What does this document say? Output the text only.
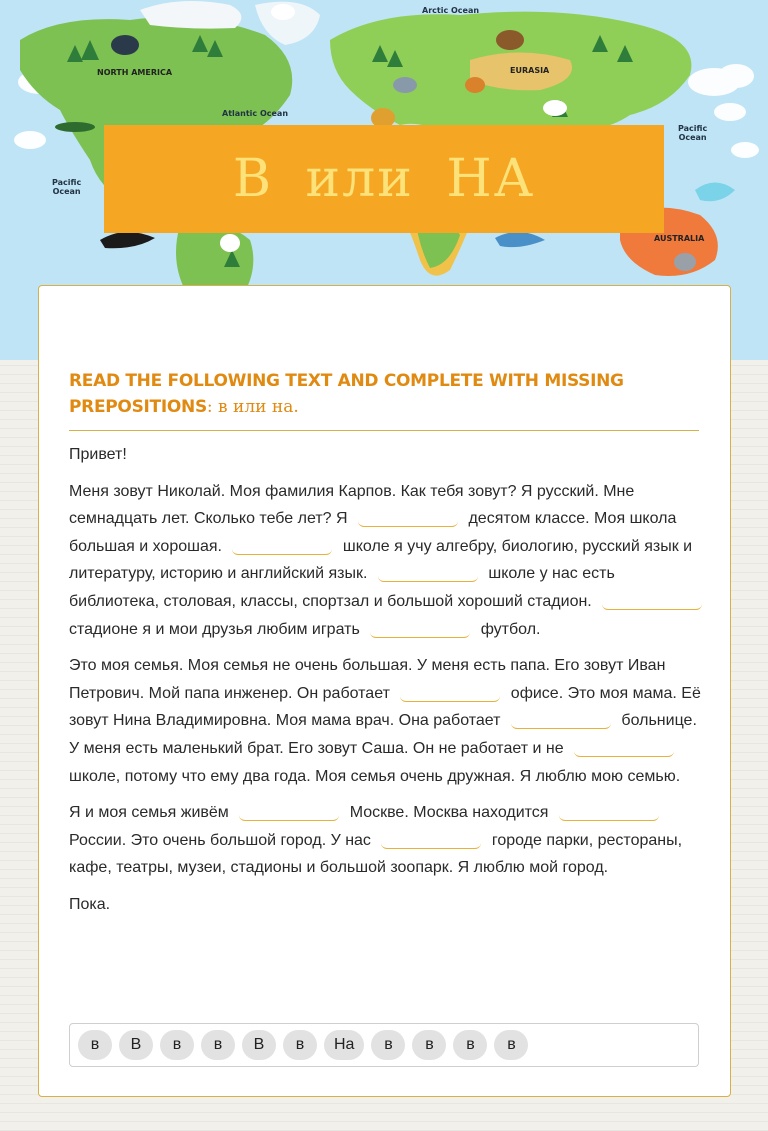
NORTH AMERICA	EURASIA
AUSTRALIA
Arctic Ocean
Atlantic Ocean
Pacific
Ocean
Pacific
Ocean
В или НА
READ THE FOLLOWING TEXT AND COMPLETE WITH MISSING PREPOSITIONS: в или на.

Привет!

Меня зовут Николай. Моя фамилия Карпов. Как тебя зовут? Я русский. Мне семнадцать лет. Сколько тебе лет? Я	десятом классе. Моя школа большая и хорошая.	школе я учу алгебру, биологию, русский язык и литературу, историю и английский язык.	школе у нас есть библиотека, столовая, классы, спортзал и большой хороший стадион.  стадионе я и мои друзья любим играть	футбол.

Это моя семья. Моя семья не очень большая. У меня есть папа. Его зовут Иван Петрович. Мой папа инженер. Он работает	офисе. Это моя мама. Её зовут Нина Владимировна. Моя мама врач. Она работает	больнице. У меня есть маленький брат. Его зовут Саша. Он не работает и не  школе, потому что ему два года. Моя семья очень дружная. Я люблю мою семью.

Я и моя семья живём	Москве. Москва находится  России. Это очень большой город. У нас	городе парки, рестораны, кафе, театры, музеи, стадионы и большой зоопарк. Я люблю мой город.

Пока.

в	В	в	в	В	в	На	в	в	в	в
